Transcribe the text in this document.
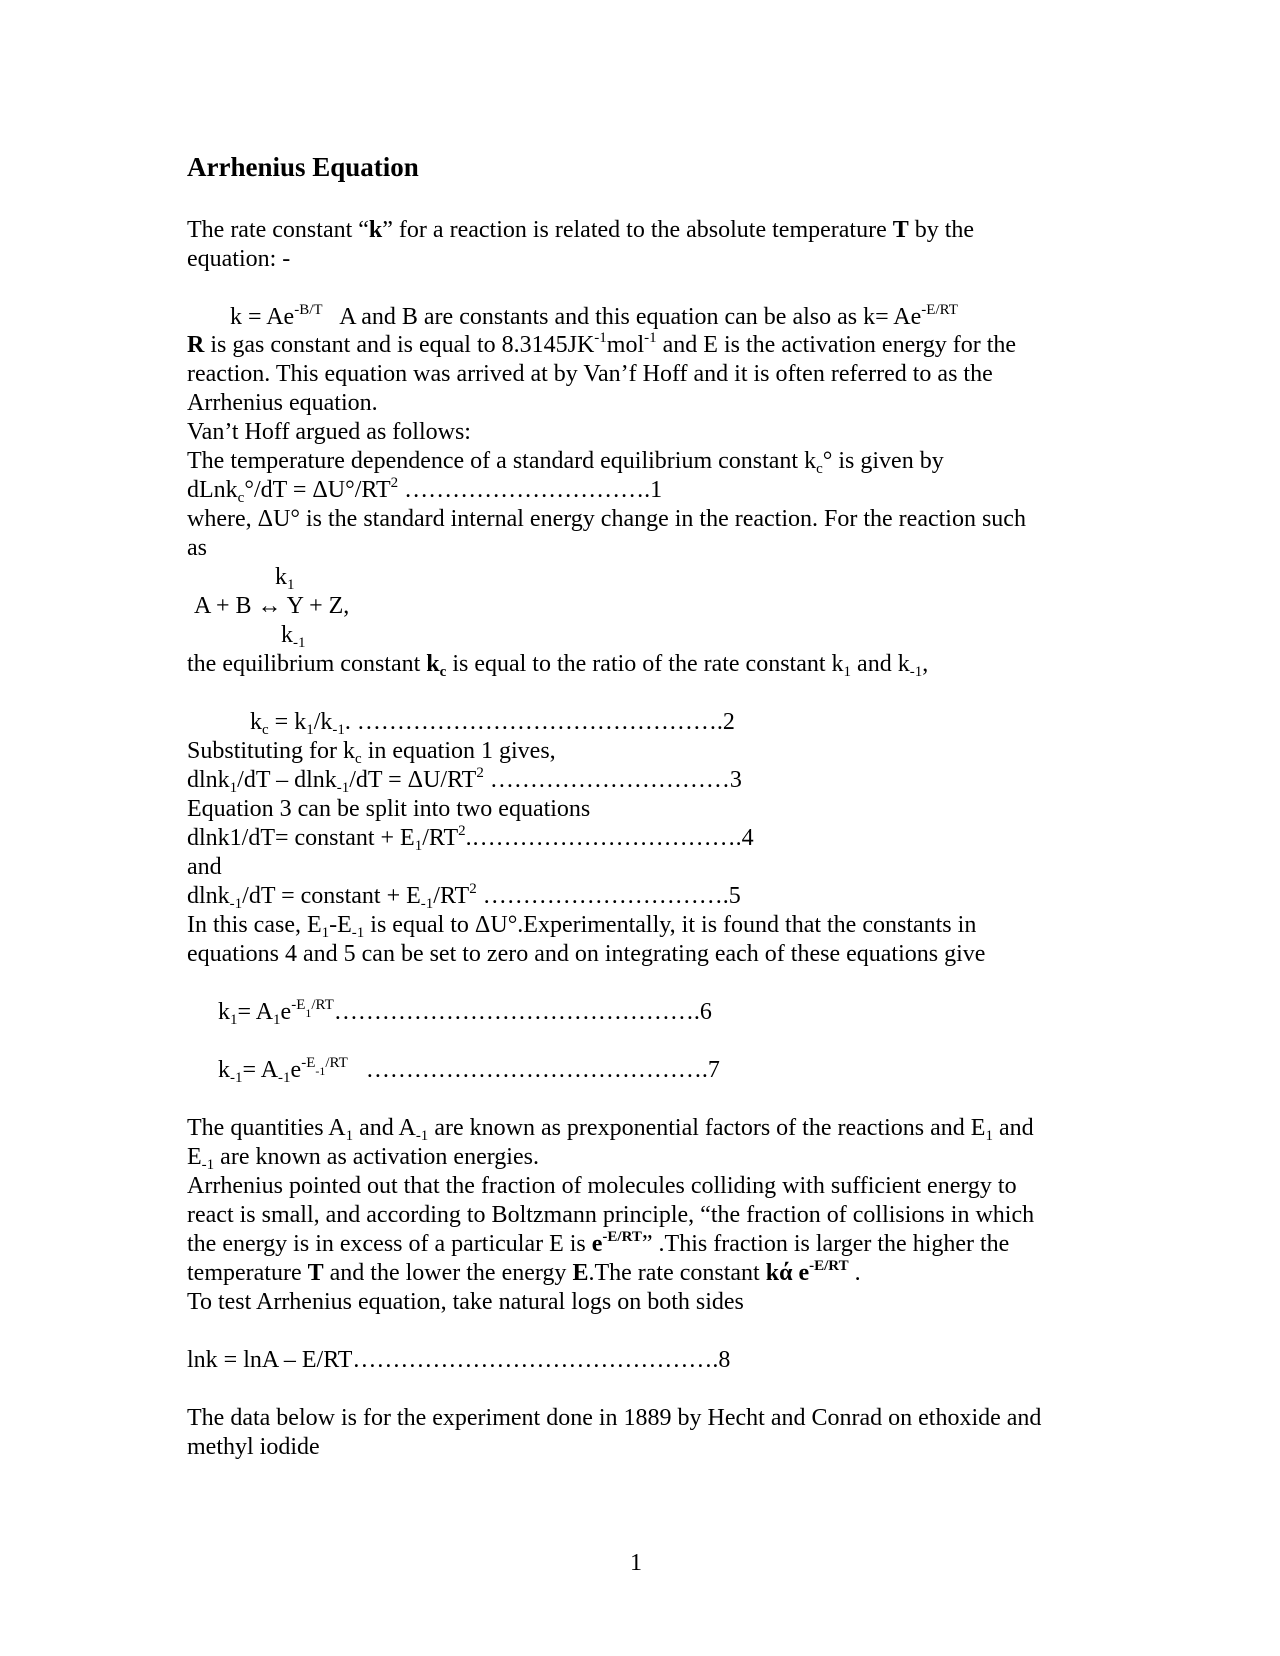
Arrhenius Equation
The rate constant “k” for a reaction is related to the absolute temperature T by the
equation: -
$k = Ae^{-B/T}$ A and B are constants and this equation can be also as $k= Ae^{-E/RT}$
R is gas constant and is equal to $8.3145JK^{-1}mol^{-1}$ and E is the activation energy for the
reaction. This equation was arrived at by Van’f Hoff and it is often referred to as the
Arrhenius equation.
Van’t Hoff argued as follows:
The temperature dependence of a standard equilibrium constant $k_c^\circ$ is given by
dLnk$_c$°/dT = $\Delta U^\circ/RT^2$ ………………………….1
where, ΔU° is the standard internal energy change in the reaction. For the reaction such
as
$k_1$
A + B ↔ Y + Z,
$k_{-1}$
the equilibrium constant $k_c$ is equal to the ratio of the rate constant $k_1$ and $k_{-1}$,
$k_c = k_1/k_{-1}$. ……………………………………….2
Substituting for $k_c$ in equation 1 gives,
$dlnk_1/dT - dlnk_{-1}/dT = \Delta U/RT^2$ …………………………3
Equation 3 can be split into two equations
dlnk1/dT= constant + $E_1/RT^2.\dots\dots\dots\dots\dots\dots\dots\dots\dots\dots\dots.4$
and
dlnk$_{-1}$/dT = constant + $E_{-1}/RT^2$ ………………………….5
In this case, $E_1-E_{-1}$ is equal to ΔU°.Experimentally, it is found that the constants in
equations 4 and 5 can be set to zero and on integrating each of these equations give
$k_1=$ $A_1e^{-E_1/RT}\dots\dots\dots\dots\dots\dots\dots\dots\dots\dots\dots\dots\dots\dots\dots.6$
$k_{-1}= A_{-1}e^{-E_{-1}/RT}$ …………………………………….7
The quantities $A_1$ and $A_{-1}$ are known as prexponential factors of the reactions and $E_1$ and
$E_{-1}$ are known as activation energies.
Arrhenius pointed out that the fraction of molecules colliding with sufficient energy to
react is small, and according to Boltzmann principle, “the fraction of collisions in which
the energy is in excess of a particular E is $e^{-E/RT}$” .This fraction is larger the higher the
temperature T and the lower the energy E.The rate constant kά $e^{-E/RT}$ .
To test Arrhenius equation, take natural logs on both sides
lnk = lnA – E/RT……………………………………….8
The data below is for the experiment done in 1889 by Hecht and Conrad on ethoxide and
methyl iodide
1
